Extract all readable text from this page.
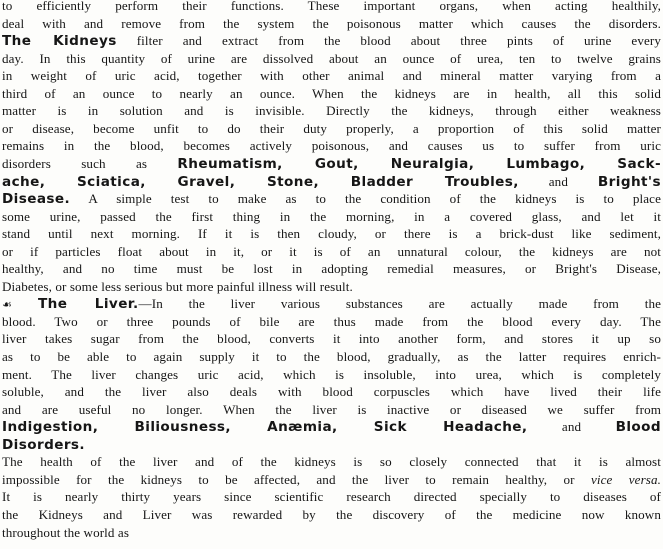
to efficiently perform their functions. These important organs, when acting healthily,
deal with and remove from the system the poisonous matter which causes the disorders.
The Kidneys filter and extract from the blood about three pints of urine every
day. In this quantity of urine are dissolved about an ounce of urea, ten to twelve grains
in weight of uric acid, together with other animal and mineral matter varying from a
third of an ounce to nearly an ounce. When the kidneys are in health, all this solid
matter is in solution and is invisible. Directly the kidneys, through either weakness
or disease, become unfit to do their duty properly, a proportion of this solid matter
remains in the blood, becomes actively poisonous, and causes us to suffer from uric
disorders such as Rheumatism, Gout, Neuralgia, Lumbago, Sack-
ache, Sciatica, Gravel, Stone, Bladder Troubles, and Bright's
Disease. A simple test to make as to the condition of the kidneys is to place
some urine, passed the first thing in the morning, in a covered glass, and let it
stand until next morning. If it is then cloudy, or there is a brick-dust like sediment,
or if particles float about in it, or it is of an unnatural colour, the kidneys are not
healthy, and no time must be lost in adopting remedial measures, or Bright's Disease,
Diabetes, or some less serious but more painful illness will result.
☙ The Liver.—In the liver various substances are actually made from the
blood. Two or three pounds of bile are thus made from the blood every day. The
liver takes sugar from the blood, converts it into another form, and stores it up so
as to be able to again supply it to the blood, gradually, as the latter requires enrich-
ment. The liver changes uric acid, which is insoluble, into urea, which is completely
soluble, and the liver also deals with blood corpuscles which have lived their life
and are useful no longer. When the liver is inactive or diseased we suffer from
Indigestion, Biliousness, Anæmia, Sick Headache, and Blood
Disorders.
The health of the liver and of the kidneys is so closely connected that it is almost
impossible for the kidneys to be affected, and the liver to remain healthy, or vice versa.
It is nearly thirty years since scientific research directed specially to diseases of
the Kidneys and Liver was rewarded by the discovery of the medicine now known
throughout the world as
